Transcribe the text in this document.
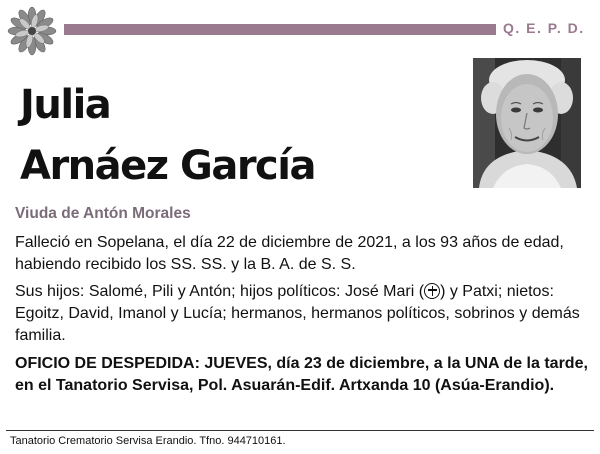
Q. E. P. D.
Julia
Arnáez García
Viuda de Antón Morales
Falleció en Sopelana, el día 22 de diciembre de 2021, a los 93 años de edad, habiendo recibido los SS. SS. y la B. A. de S. S.
Sus hijos: Salomé, Pili y Antón; hijos políticos: José Mari ( ) y Patxi; nietos: Egoitz, David, Imanol y Lucía; hermanos, hermanos políticos, sobrinos y demás familia.
OFICIO DE DESPEDIDA: JUEVES, día 23 de diciembre, a la UNA de la tarde, en el Tanatorio Servisa, Pol. Asuarán-Edif. Artxanda 10 (Asúa-Erandio).
Tanatorio Crematorio Servisa Erandio. Tfno. 944710161.
